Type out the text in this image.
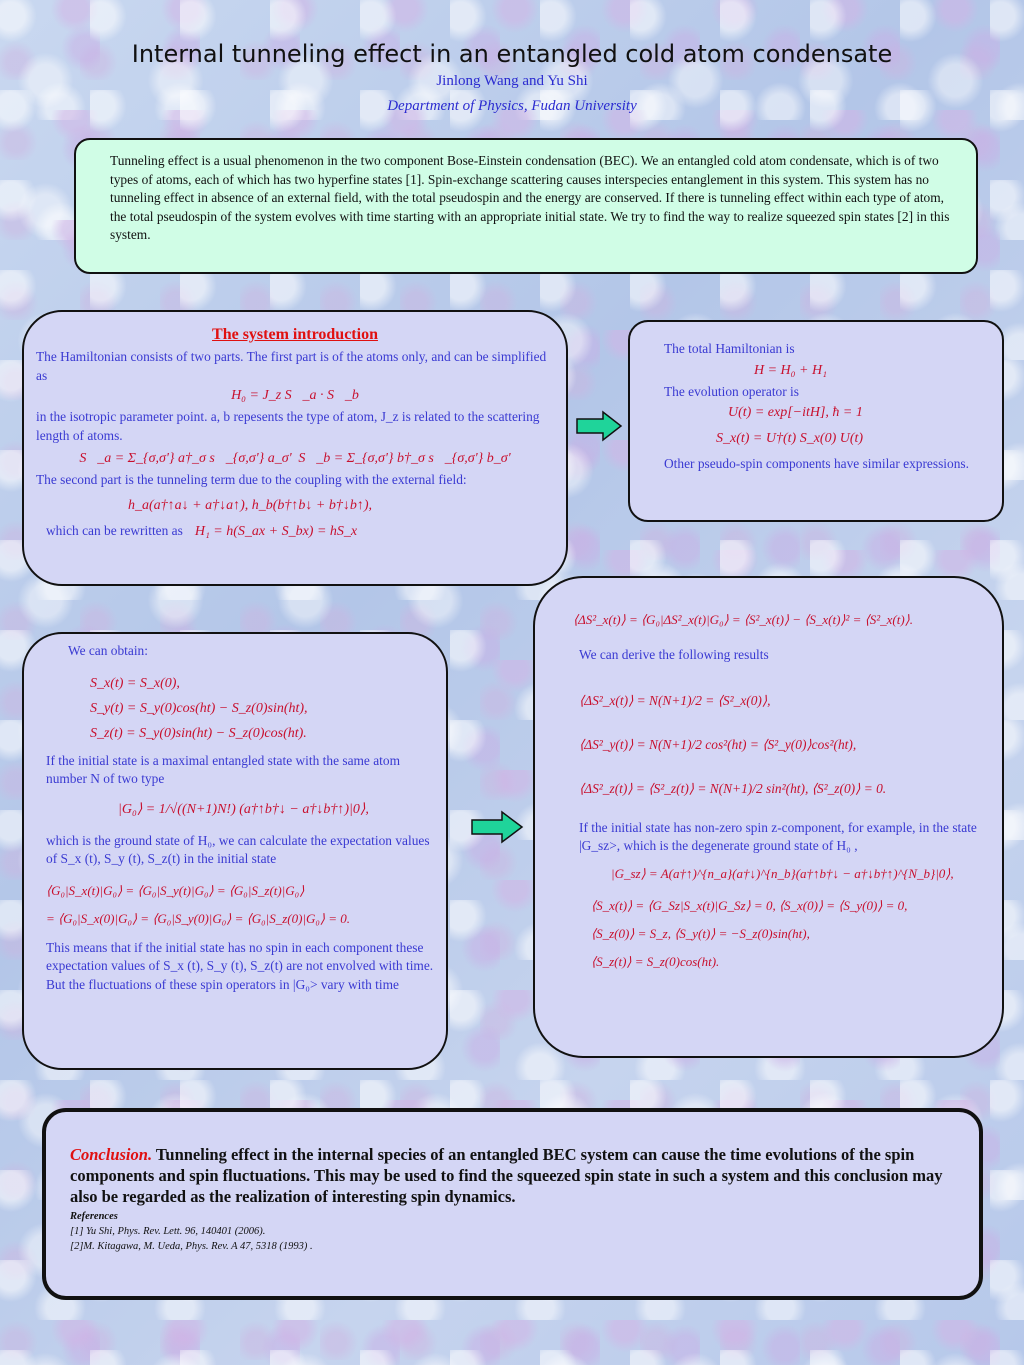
Internal tunneling effect in an entangled cold atom condensate
Jinlong Wang and Yu Shi
Department of Physics, Fudan University
Tunneling effect is a usual phenomenon in the two component Bose-Einstein condensation (BEC). We an entangled cold atom condensate, which is of two types of atoms, each of which has two hyperfine states [1]. Spin-exchange scattering causes interspecies entanglement in this system. This system has no tunneling effect in absence of an external field, with the total pseudospin and the energy are conserved. If there is tunneling effect within each type of atom, the total pseudospin of the system evolves with time starting with an appropriate initial state. We try to find the way to realize squeezed spin states [2] in this system.
The system introduction
The Hamiltonian consists of two parts. The first part is of the atoms only, and can be simplified as
H₀ = J_z S⃗_a · S⃗_b
in the isotropic parameter point. a, b repesents the type of atom, J_z is related to the scattering length of atoms.
S⃗_a = Σ_{σ,σ'} a†_σ s⃗_{σ,σ'} a_σ' S⃗_b = Σ_{σ,σ'} b†_σ s⃗_{σ,σ'} b_σ'
The second part is the tunneling term due to the coupling with the external field:
h_a(a†↑a↓ + a†↓a↑), h_b(b†↑b↓ + b†↓b↑),
which can be rewritten as H₁ = h(S_ax + S_bx) = hS_x
The total Hamiltonian is
H = H₀ + H₁
The evolution operator is
U(t) = exp[−itH], ħ = 1
S_x(t) = U†(t) S_x(0) U(t)
Other pseudo-spin components have similar expressions.
We can obtain:
S_x(t) = S_x(0),
S_y(t) = S_y(0)cos(ht) − S_z(0)sin(ht),
S_z(t) = S_y(0)sin(ht) − S_z(0)cos(ht).
If the initial state is a maximal entangled state with the same atom number N of two type
|G₀⟩ = 1/√((N+1)N!) (a†↑b†↓ − a†↓b†↑)|0⟩,
which is the ground state of H₀, we can calculate the expectation values of S_x (t), S_y (t), S_z(t) in the initial state
⟨G₀|S_x(t)|G₀⟩ = ⟨G₀|S_y(t)|G₀⟩ = ⟨G₀|S_z(t)|G₀⟩
= ⟨G₀|S_x(0)|G₀⟩ = ⟨G₀|S_y(0)|G₀⟩ = ⟨G₀|S_z(0)|G₀⟩ = 0.
This means that if the initial state has no spin in each component these expectation values of S_x (t), S_y (t), S_z(t) are not envolved with time. But the fluctuations of these spin operators in |G₀> vary with time
⟨ΔS²_x(t)⟩ = ⟨G₀|ΔS²_x(t)|G₀⟩ = ⟨S²_x(t)⟩ − ⟨S_x(t)⟩² = ⟨S²_x(t)⟩.
We can derive the following results
⟨ΔS²_x(t)⟩ = N(N+1)/2 = ⟨S²_x(0)⟩,
⟨ΔS²_y(t)⟩ = N(N+1)/2 cos²(ht) = ⟨S²_y(0)⟩cos²(ht),
⟨ΔS²_z(t)⟩ = ⟨S²_z(t)⟩ = N(N+1)/2 sin²(ht), ⟨S²_z(0)⟩ = 0.
If the initial state has non-zero spin z-component, for example, in the state |G_sz>, which is the degenerate ground state of H₀ ,
|G_sz⟩ = A(a†↑)^{n_a}(a†↓)^{n_b}(a†↑b†↓ − a†↓b†↑)^{N_b}|0⟩,
⟨S_x(t)⟩ = ⟨G_Sz|S_x(t)|G_Sz⟩ = 0, ⟨S_x(0)⟩ = ⟨S_y(0)⟩ = 0,
⟨S_z(0)⟩ = S_z, ⟨S_y(t)⟩ = −S_z(0)sin(ht),
⟨S_z(t)⟩ = S_z(0)cos(ht).
Conclusion. Tunneling effect in the internal species of an entangled BEC system can cause the time evolutions of the spin components and spin fluctuations. This may be used to find the squeezed spin state in such a system and this conclusion may also be regarded as the realization of interesting spin dynamics.
References
[1] Yu Shi, Phys. Rev. Lett. 96, 140401 (2006).
[2]M. Kitagawa, M. Ueda, Phys. Rev. A 47, 5318 (1993) .
